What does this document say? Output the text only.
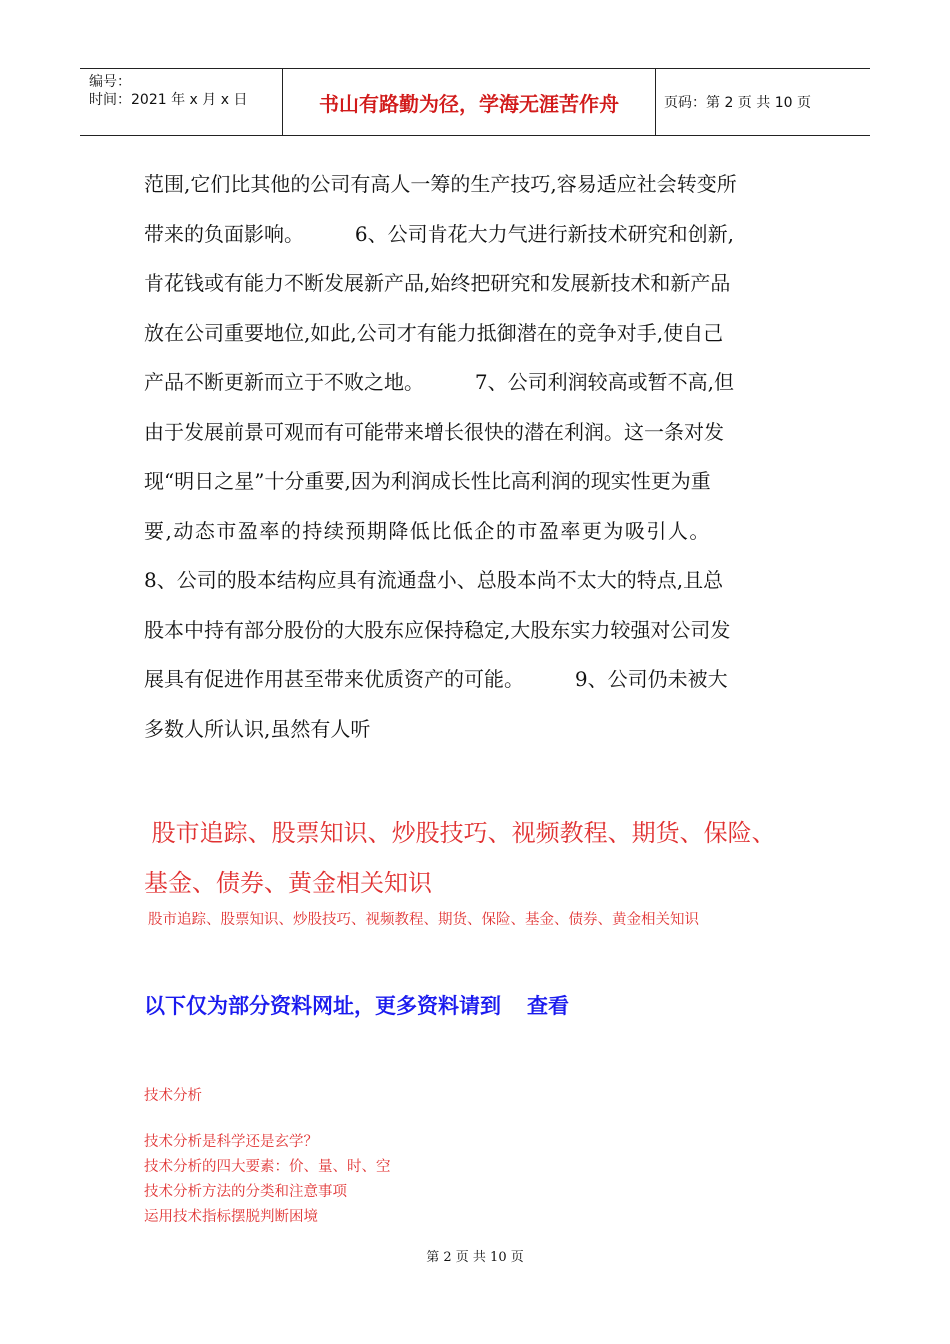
编号：
时间：2021 年 x 月 x 日	书山有路勤为径，学海无涯苦作舟	页码：第 2 页 共 10 页

范围,它们比其他的公司有高人一筹的生产技巧,容易适应社会转变所

带来的负面影响。        6、公司肯花大力气进行新技术研究和创新,

肯花钱或有能力不断发展新产品,始终把研究和发展新技术和新产品

放在公司重要地位,如此,公司才有能力抵御潜在的竞争对手,使自己

产品不断更新而立于不败之地。        7、公司利润较高或暂不高,但

由于发展前景可观而有可能带来增长很快的潜在利润。这一条对发

现“明日之星”十分重要,因为利润成长性比高利润的现实性更为重

要,动态市盈率的持续预期降低比低企的市盈率更为吸引人。

8、公司的股本结构应具有流通盘小、总股本尚不太大的特点,且总

股本中持有部分股份的大股东应保持稳定,大股东实力较强对公司发

展具有促进作用甚至带来优质资产的可能。        9、公司仍未被大

多数人所认识,虽然有人听

股市追踪、股票知识、炒股技巧、视频教程、期货、保险、

基金、债券、黄金相关知识

股市追踪、股票知识、炒股技巧、视频教程、期货、保险、基金、债券、黄金相关知识
以下仅为部分资料网址，更多资料请到 查看
技术分析
技术分析是科学还是玄学？
技术分析的四大要素：价、量、时、空
技术分析方法的分类和注意事项
运用技术指标摆脱判断困境
第 2 页 共 10 页
